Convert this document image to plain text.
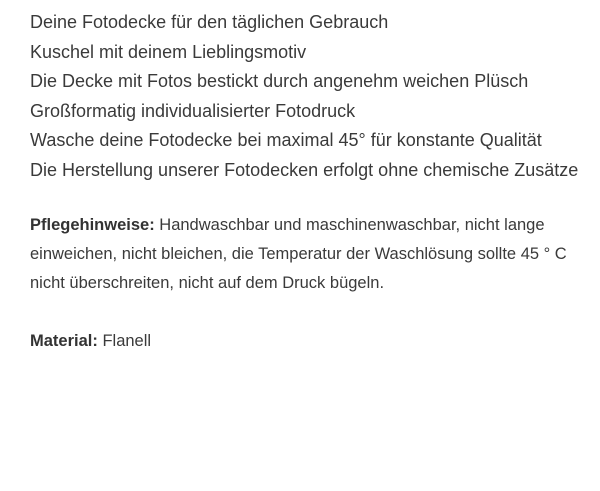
Deine Fotodecke für den täglichen Gebrauch
Kuschel mit deinem Lieblingsmotiv
Die Decke mit Fotos bestickt durch angenehm weichen Plüsch
Großformatig individualisierter Fotodruck
Wasche deine Fotodecke bei maximal 45° für konstante Qualität
Die Herstellung unserer Fotodecken erfolgt ohne chemische Zusätze

Pflegehinweise: Handwaschbar und maschinenwaschbar, nicht lange einweichen, nicht bleichen, die Temperatur der Waschlösung sollte 45 ° C nicht überschreiten, nicht auf dem Druck bügeln.

Material: Flanell
